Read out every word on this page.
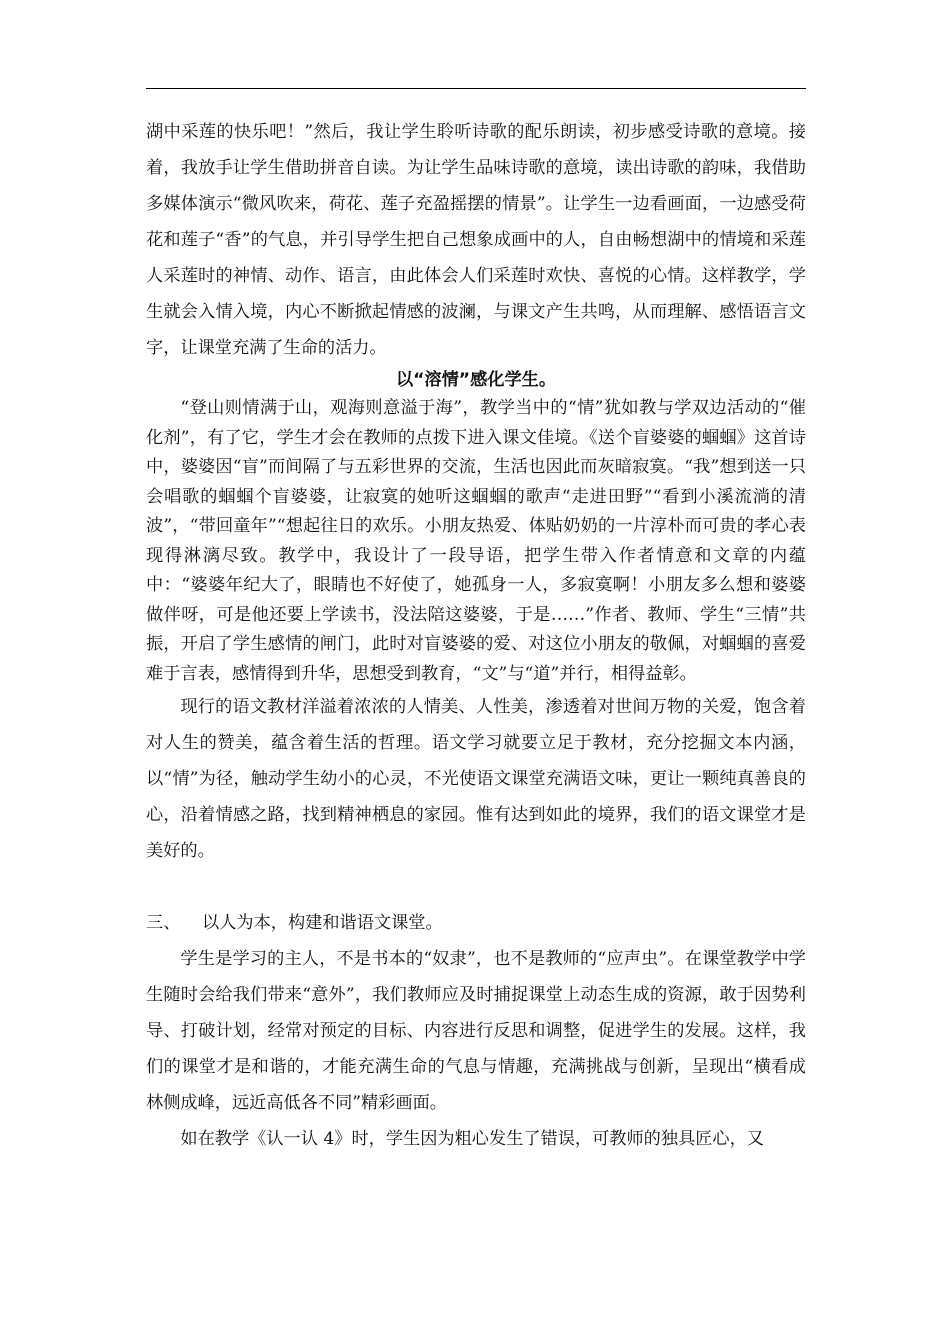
湖中采莲的快乐吧！”然后，我让学生聆听诗歌的配乐朗读，初步感受诗歌的意境。接着，我放手让学生借助拼音自读。为让学生品味诗歌的意境，读出诗歌的韵味，我借助多媒体演示“微风吹来，荷花、莲子充盈摇摆的情景”。让学生一边看画面，一边感受荷花和莲子“香”的气息，并引导学生把自己想象成画中的人，自由畅想湖中的情境和采莲人采莲时的神情、动作、语言，由此体会人们采莲时欢快、喜悦的心情。这样教学，学生就会入情入境，内心不断掀起情感的波澜，与课文产生共鸣，从而理解、感悟语言文字，让课堂充满了生命的活力。

以“溶情”感化学生。

“登山则情满于山，观海则意溢于海”，教学当中的“情”犹如教与学双边活动的“催化剂”，有了它，学生才会在教师的点拨下进入课文佳境。《送个盲婆婆的蝈蝈》这首诗中，婆婆因“盲”而间隔了与五彩世界的交流，生活也因此而灰暗寂寞。“我”想到送一只会唱歌的蝈蝈个盲婆婆，让寂寞的她听这蝈蝈的歌声“走进田野”“看到小溪流淌的清波”，“带回童年”“想起往日的欢乐。小朋友热爱、体贴奶奶的一片淳朴而可贵的孝心表现得淋漓尽致。教学中，我设计了一段导语，把学生带入作者情意和文章的内蕴中：“婆婆年纪大了，眼睛也不好使了，她孤身一人，多寂寞啊！小朋友多么想和婆婆做伴呀，可是他还要上学读书，没法陪这婆婆，于是……”作者、教师、学生“三情”共振，开启了学生感情的闸门，此时对盲婆婆的爱、对这位小朋友的敬佩，对蝈蝈的喜爱难于言表，感情得到升华，思想受到教育，“文”与“道”并行，相得益彰。

现行的语文教材洋溢着浓浓的人情美、人性美，渗透着对世间万物的关爱，饱含着对人生的赞美，蕴含着生活的哲理。语文学习就要立足于教材，充分挖掘文本内涵，以“情”为径，触动学生幼小的心灵，不光使语文课堂充满语文味，更让一颗纯真善良的心，沿着情感之路，找到精神栖息的家园。惟有达到如此的境界，我们的语文课堂才是美好的。

三、	以人为本，构建和谐语文课堂。

学生是学习的主人，不是书本的“奴隶”，也不是教师的“应声虫”。在课堂教学中学生随时会给我们带来“意外”，我们教师应及时捕捉课堂上动态生成的资源，敢于因势利导、打破计划，经常对预定的目标、内容进行反思和调整，促进学生的发展。这样，我们的课堂才是和谐的，才能充满生命的气息与情趣，充满挑战与创新，呈现出“横看成林侧成峰，远近高低各不同”精彩画面。

如在教学《认一认 4》时，学生因为粗心发生了错误，可教师的独具匠心，又
